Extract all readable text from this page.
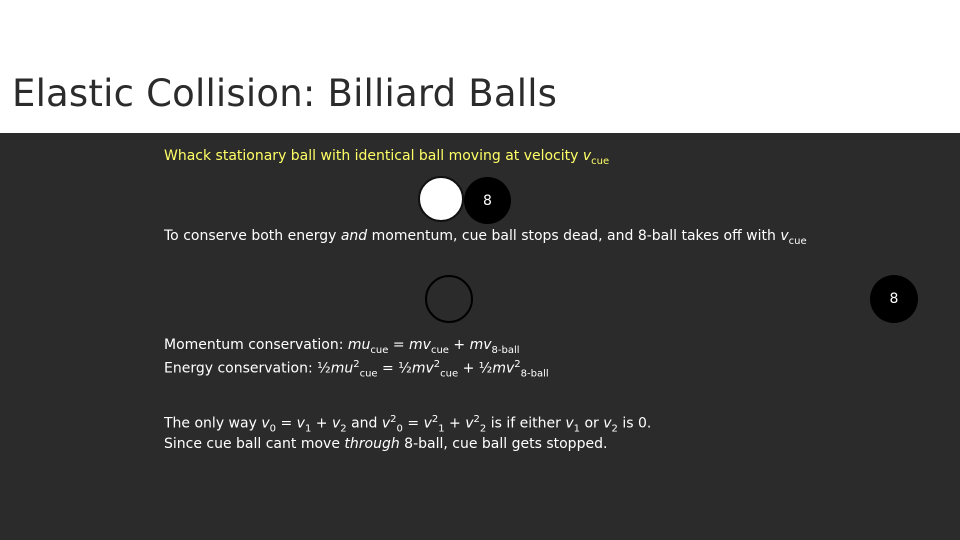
Elastic Collision: Billiard Balls
Whack stationary ball with identical ball moving at velocity $v_{cue}$
8
To conserve both energy and momentum, cue ball stops dead, and 8-ball takes off with $v_{cue}$
8
Momentum conservation: $mu_{cue} = mv_{cue} + mv_{8-ball}$
Energy conservation: $\frac{1}{2}mu^2_{cue}$ = $\frac{1}{2}mv^2_{cue}$ + $\frac{1}{2}mv^2_{8-ball}$
The only way $v_0 = v_1 + v_2$ and $v^2_0 = v^2_1 + v^2_2$ is if either $v_1$ or $v_2$ is 0.
Since cue ball cant move through 8-ball, cue ball gets stopped.
